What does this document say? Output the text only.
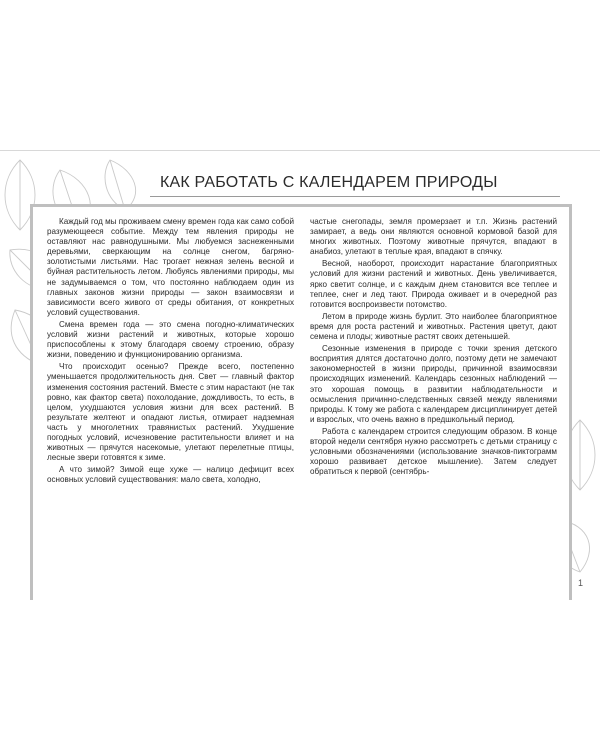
КАК РАБОТАТЬ С КАЛЕНДАРЕМ ПРИРОДЫ

Каждый год мы проживаем смену времен года как само собой разумеющееся событие. Между тем явления природы не оставляют нас равнодушными. Мы любуемся заснеженными деревьями, сверкающим на солнце снегом, багряно-золотистыми листьями. Нас трогает нежная зелень весной и буйная растительность летом. Любуясь явлениями природы, мы не задумываемся о том, что постоянно наблюдаем один из главных законов жизни природы — закон взаимосвязи и зависимости всего живого от среды обитания, от конкретных условий существования.

Смена времен года — это смена погодно-климатических условий жизни растений и животных, которые хорошо приспособлены к этому благодаря своему строению, образу жизни, поведению и функционированию организма.

Что происходит осенью? Прежде всего, постепенно уменьшается продолжительность дня. Свет — главный фактор изменения состояния растений. Вместе с этим нарастают (не так ровно, как фактор света) похолодание, дождливость, то есть, в целом, ухудшаются условия жизни для всех растений. В результате желтеют и опадают листья, отмирает надземная часть у многолетних травянистых растений. Ухудшение погодных условий, исчезновение растительности влияет и на животных — прячутся насекомые, улетают перелетные птицы, лесные звери готовятся к зиме.

А что зимой? Зимой еще хуже — налицо дефицит всех основных условий существования: мало света, холодно,

частые снегопады, земля промерзает и т.п. Жизнь растений замирает, а ведь они являются основной кормовой базой для многих животных. Поэтому животные прячутся, впадают в анабиоз, улетают в теплые края, впадают в спячку.

Весной, наоборот, происходит нарастание благоприятных условий для жизни растений и животных. День увеличивается, ярко светит солнце, и с каждым днем становится все теплее и теплее, снег и лед тают. Природа оживает и в очередной раз готовится воспроизвести потомство.

Летом в природе жизнь бурлит. Это наиболее благоприятное время для роста растений и животных. Растения цветут, дают семена и плоды; животные растят своих детенышей.

Сезонные изменения в природе с точки зрения детского восприятия длятся достаточно долго, поэтому дети не замечают закономерностей в жизни природы, причинной взаимосвязи происходящих изменений. Календарь сезонных наблюдений — это хорошая помощь в развитии наблюдательности и осмысления причинно-следственных связей между явлениями природы. К тому же работа с календарем дисциплинирует детей и взрослых, что очень важно в предшкольный период.

Работа с календарем строится следующим образом. В конце второй недели сентября нужно рассмотреть с детьми страницу с условными обозначениями (использование значков-пиктограмм хорошо развивает детское мышление). Затем следует обратиться к первой (сентябрь-

1
